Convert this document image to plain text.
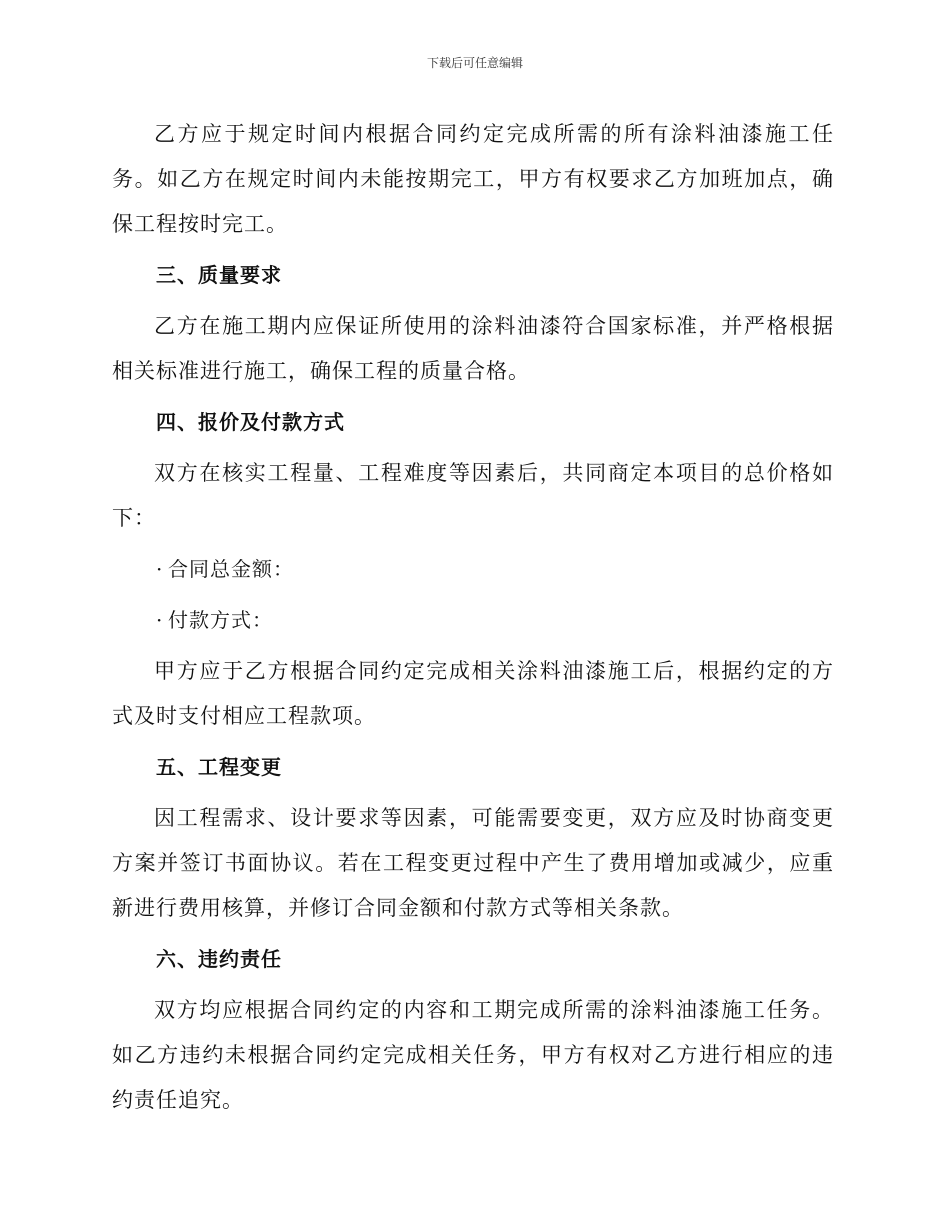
下载后可任意编辑

乙方应于规定时间内根据合同约定完成所需的所有涂料油漆施工任务。如乙方在规定时间内未能按期完工，甲方有权要求乙方加班加点，确保工程按时完工。

三、质量要求

乙方在施工期内应保证所使用的涂料油漆符合国家标准，并严格根据相关标准进行施工，确保工程的质量合格。

四、报价及付款方式

双方在核实工程量、工程难度等因素后，共同商定本项目的总价格如下：

· 合同总金额：
· 付款方式：

甲方应于乙方根据合同约定完成相关涂料油漆施工后，根据约定的方式及时支付相应工程款项。

五、工程变更

因工程需求、设计要求等因素，可能需要变更，双方应及时协商变更方案并签订书面协议。若在工程变更过程中产生了费用增加或减少，应重新进行费用核算，并修订合同金额和付款方式等相关条款。

六、违约责任

双方均应根据合同约定的内容和工期完成所需的涂料油漆施工任务。如乙方违约未根据合同约定完成相关任务，甲方有权对乙方进行相应的违约责任追究。
